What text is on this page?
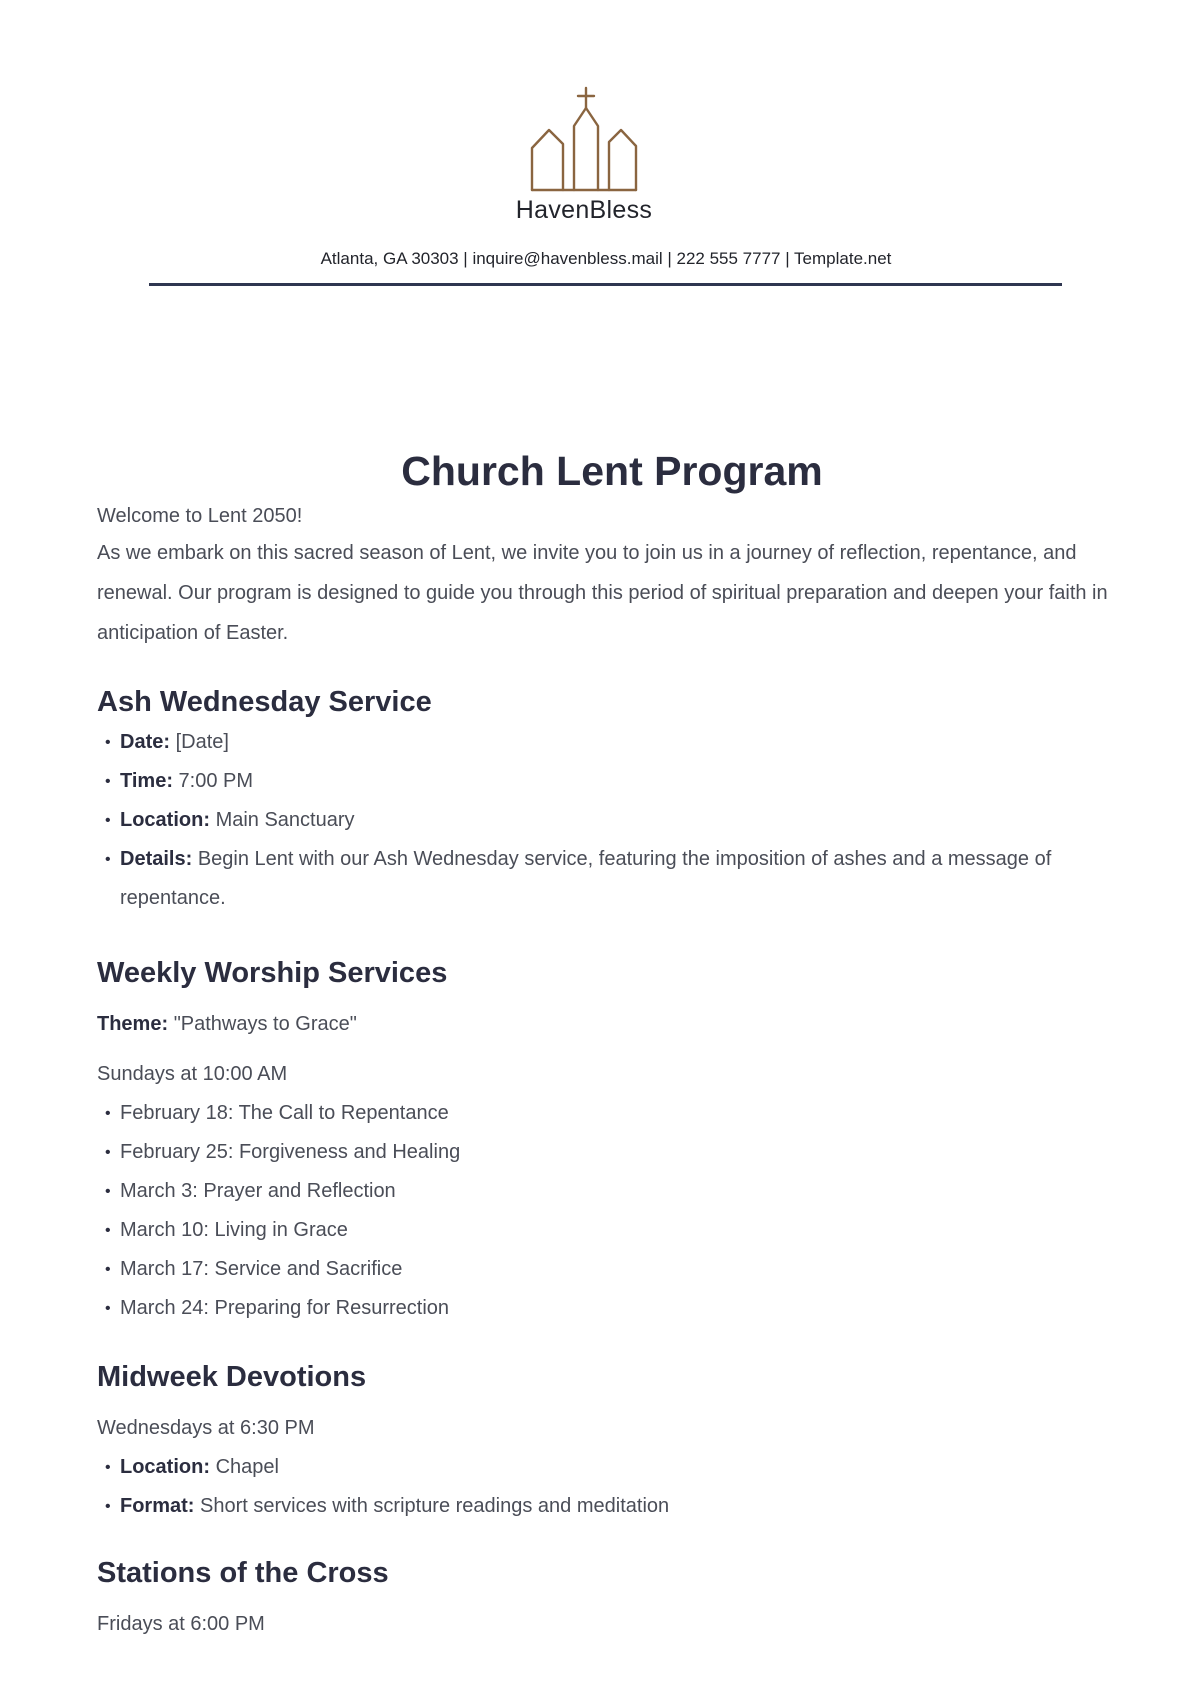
HavenBless
Atlanta, GA 30303 | inquire@havenbless.mail | 222 555 7777 | Template.net
Church Lent Program

Welcome to Lent 2050!

As we embark on this sacred season of Lent, we invite you to join us in a journey of reflection, repentance, and renewal. Our program is designed to guide you through this period of spiritual preparation and deepen your faith in anticipation of Easter.

Ash Wednesday Service
• Date: [Date]
• Time: 7:00 PM
• Location: Main Sanctuary
• Details: Begin Lent with our Ash Wednesday service, featuring the imposition of ashes and a message of repentance.
Weekly Worship Services

Theme: "Pathways to Grace"

Sundays at 10:00 AM

• February 18: The Call to Repentance
• February 25: Forgiveness and Healing
• March 3: Prayer and Reflection
• March 10: Living in Grace
• March 17: Service and Sacrifice
• March 24: Preparing for Resurrection
Midweek Devotions

Wednesdays at 6:30 PM

• Location: Chapel
• Format: Short services with scripture readings and meditation
Stations of the Cross

Fridays at 6:00 PM
